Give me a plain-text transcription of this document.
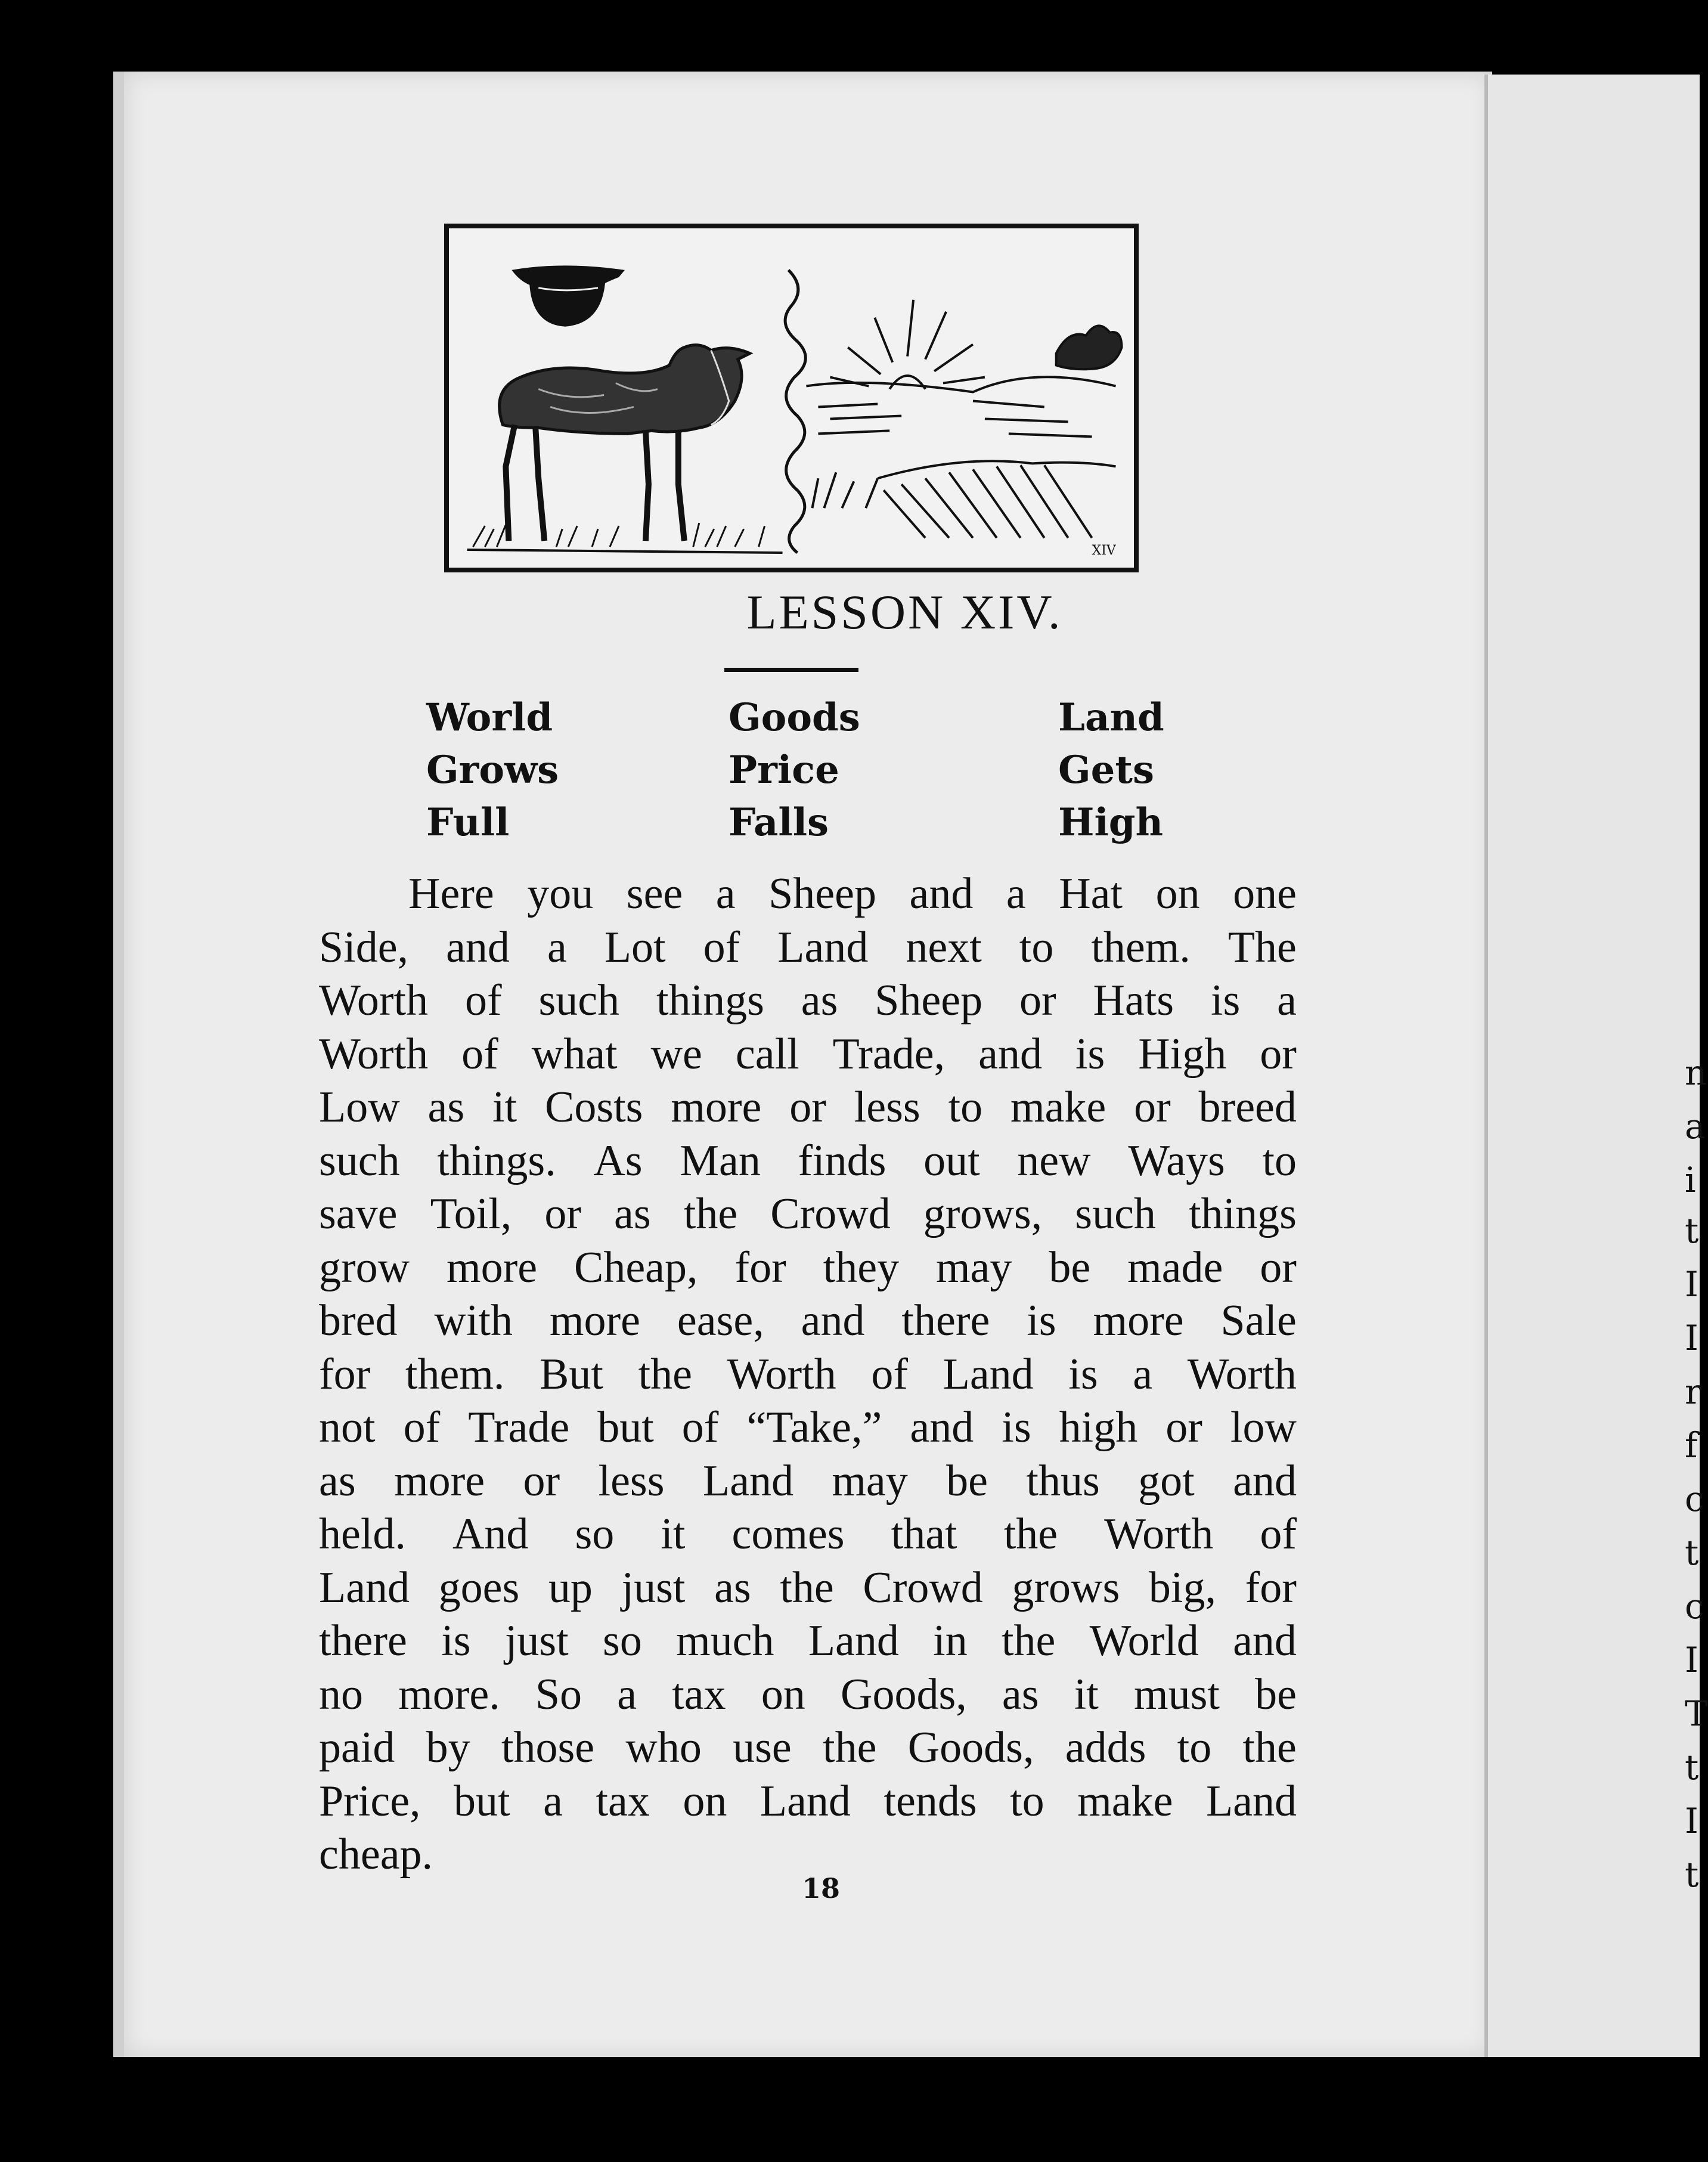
n
a
i
t
I
I
r
f
c
t
c
I
T
t
I
t
XIV
LESSON XIV.
World
Grows
Full
Goods
Price
Falls
Land
Gets
High
Here you see a Sheep and a Hat on one
Side, and a Lot of Land next to them. The
Worth of such things as Sheep or Hats is a
Worth of what we call Trade, and is High or
Low as it Costs more or less to make or breed
such things. As Man finds out new Ways to
save Toil, or as the Crowd grows, such things
grow more Cheap, for they may be made or
bred with more ease, and there is more Sale
for them. But the Worth of Land is a Worth
not of Trade but of “Take,” and is high or low
as more or less Land may be thus got and
held. And so it comes that the Worth of
Land goes up just as the Crowd grows big, for
there is just so much Land in the World and
no more. So a tax on Goods, as it must be
paid by those who use the Goods, adds to the
Price, but a tax on Land tends to make Land
cheap.
18
